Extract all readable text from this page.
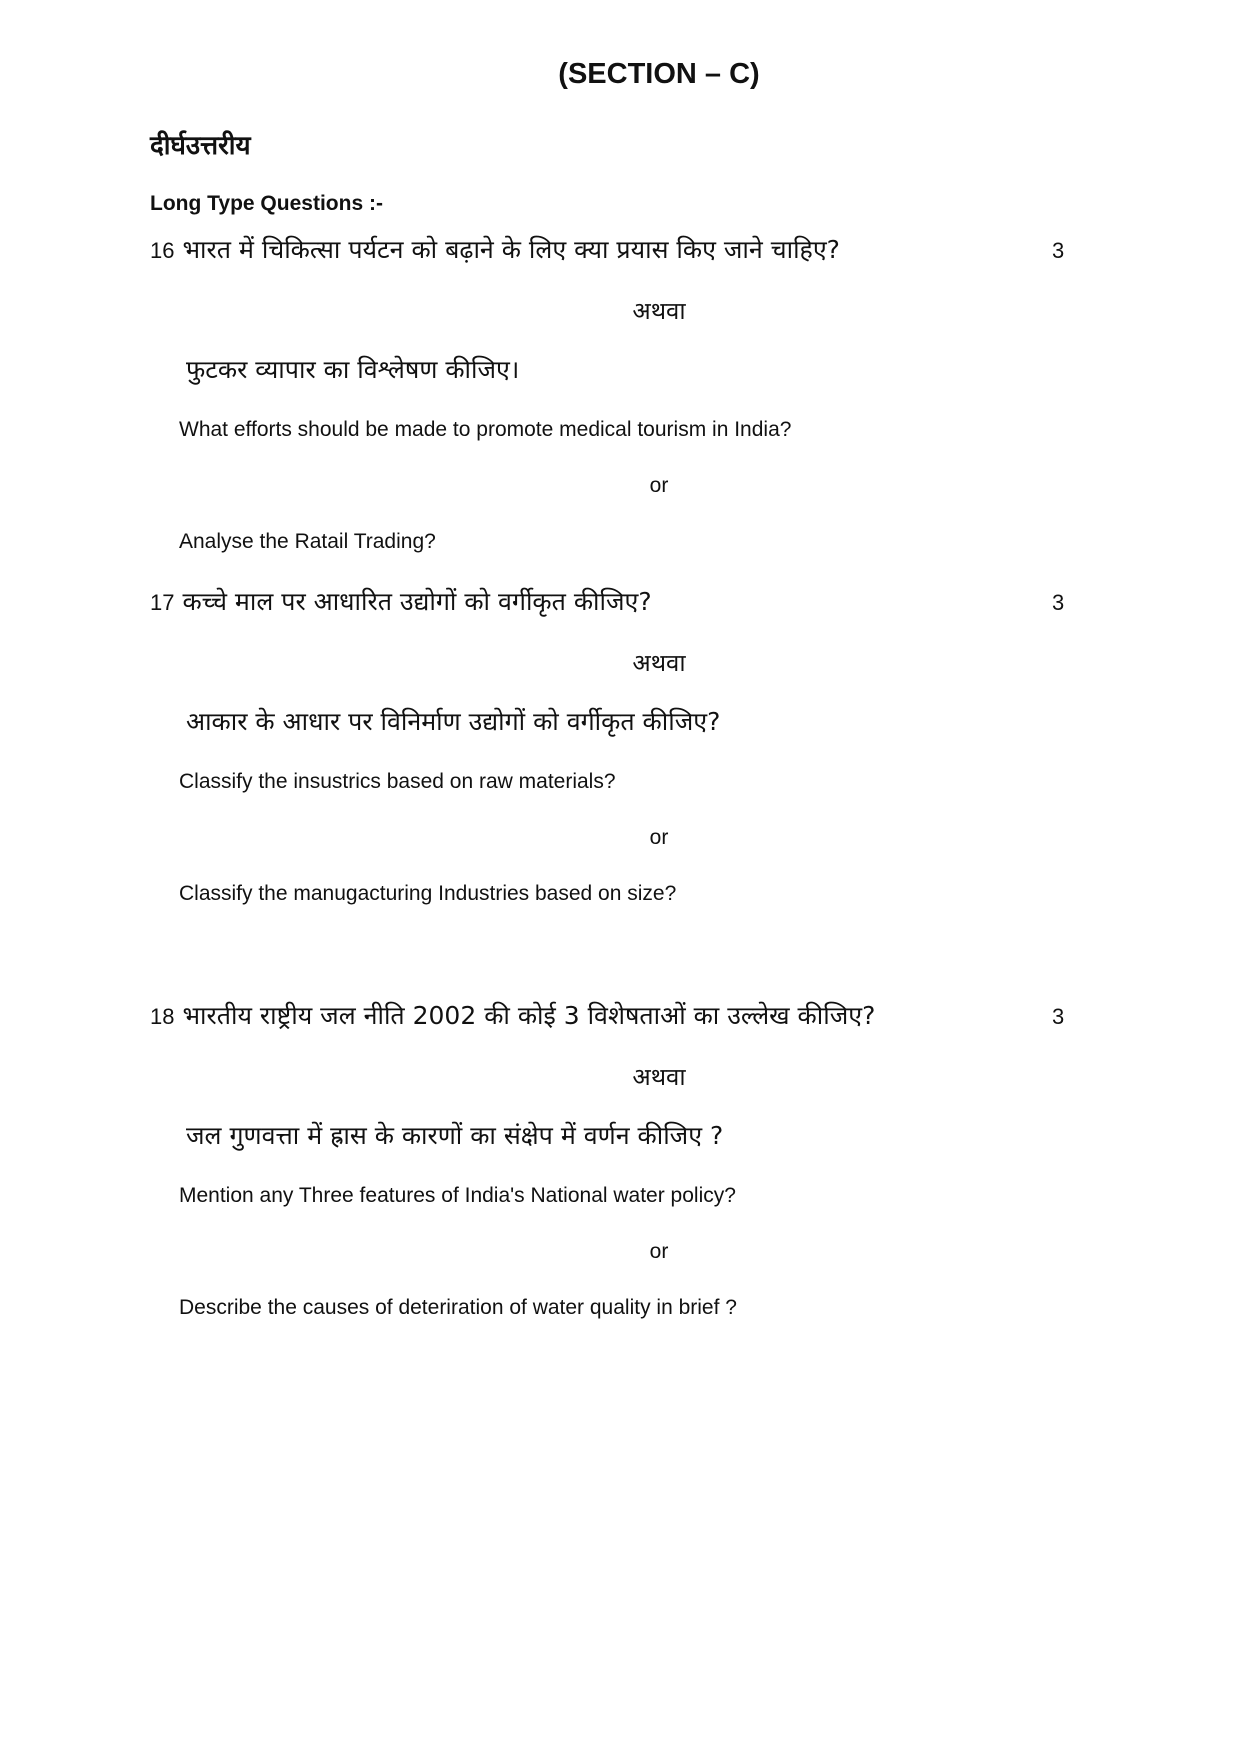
(SECTION – C)
दीर्घउत्तरीय
Long Type Questions :-
16 भारत में चिकित्सा पर्यटन को बढ़ाने के लिए क्या प्रयास किए जाने चाहिए?	3
अथवा
फुटकर व्यापार का विश्लेषण कीजिए।
What efforts should be made to promote medical tourism in India?
or
Analyse the Ratail Trading?
17 कच्चे माल पर आधारित उद्योगों को वर्गीकृत कीजिए?	3
अथवा
आकार के आधार पर विनिर्माण उद्योगों को वर्गीकृत कीजिए?
Classify the insustrics based on raw materials?
or
Classify the manugacturing Industries based on size?
18 भारतीय राष्ट्रीय जल नीति 2002 की कोई 3 विशेषताओं का उल्लेख कीजिए?	3
अथवा
जल गुणवत्ता में ह्रास के कारणों का संक्षेप में वर्णन कीजिए ?
Mention any Three features of India's National water policy?
or
Describe the causes of deteriration of water quality in brief ?
